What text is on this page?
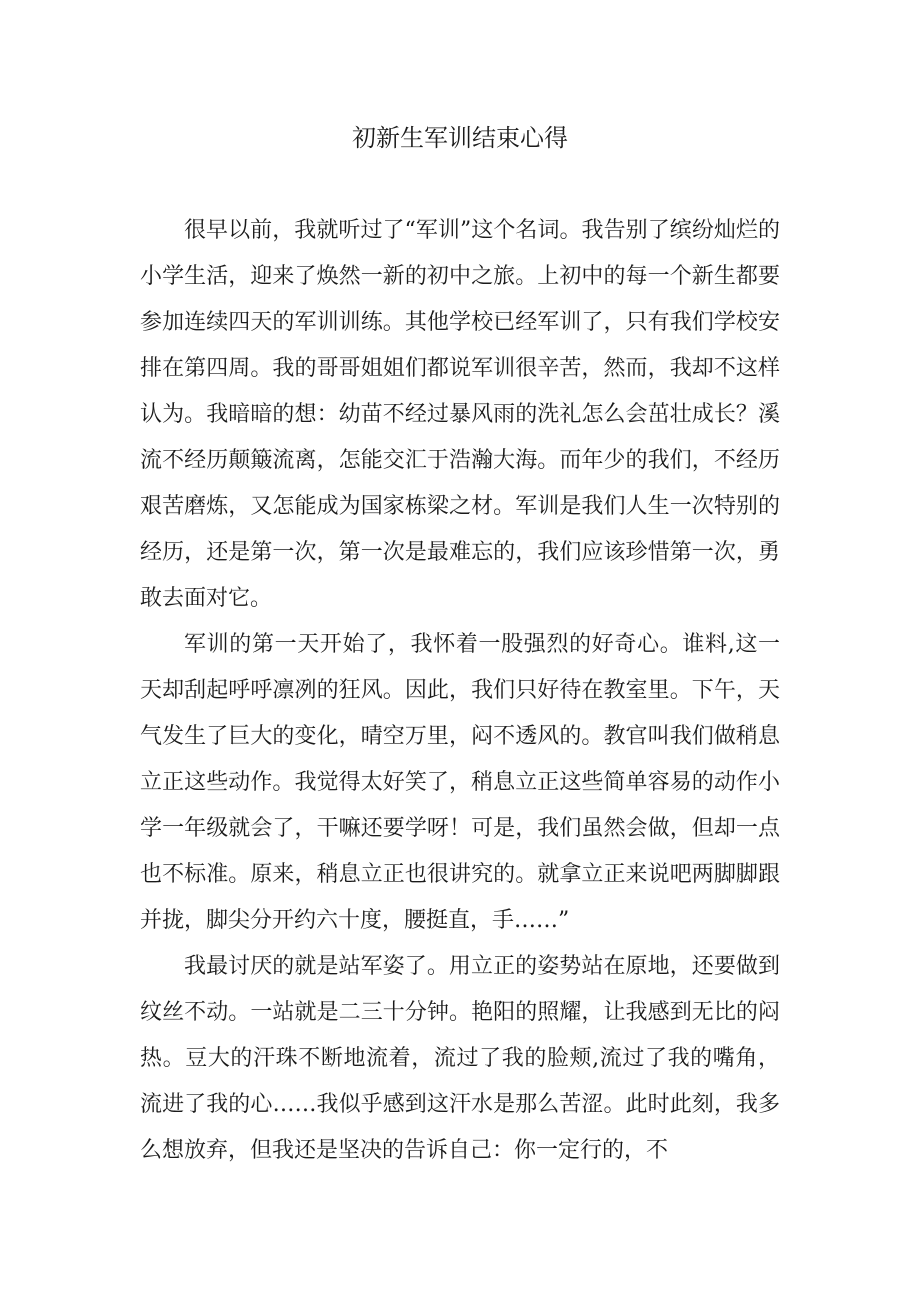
初新生军训结束心得

很早以前，我就听过了“军训”这个名词。我告别了缤纷灿烂的小学生活，迎来了焕然一新的初中之旅。上初中的每一个新生都要参加连续四天的军训训练。其他学校已经军训了，只有我们学校安排在第四周。我的哥哥姐姐们都说军训很辛苦，然而，我却不这样认为。我暗暗的想：幼苗不经过暴风雨的洗礼怎么会茁壮成长？溪流不经历颠簸流离，怎能交汇于浩瀚大海。而年少的我们，不经历艰苦磨炼，又怎能成为国家栋梁之材。军训是我们人生一次特别的经历，还是第一次，第一次是最难忘的，我们应该珍惜第一次，勇敢去面对它。

军训的第一天开始了，我怀着一股强烈的好奇心。谁料,这一天却刮起呼呼凛冽的狂风。因此，我们只好待在教室里。下午，天气发生了巨大的变化，晴空万里，闷不透风的。教官叫我们做稍息立正这些动作。我觉得太好笑了，稍息立正这些简单容易的动作小学一年级就会了，干嘛还要学呀！可是，我们虽然会做，但却一点也不标准。原来，稍息立正也很讲究的。就拿立正来说吧两脚脚跟并拢，脚尖分开约六十度，腰挺直，手……”

我最讨厌的就是站军姿了。用立正的姿势站在原地，还要做到纹丝不动。一站就是二三十分钟。艳阳的照耀，让我感到无比的闷热。豆大的汗珠不断地流着，流过了我的脸颊,流过了我的嘴角，流进了我的心……我似乎感到这汗水是那么苦涩。此时此刻，我多么想放弃，但我还是坚决的告诉自己：你一定行的，不
